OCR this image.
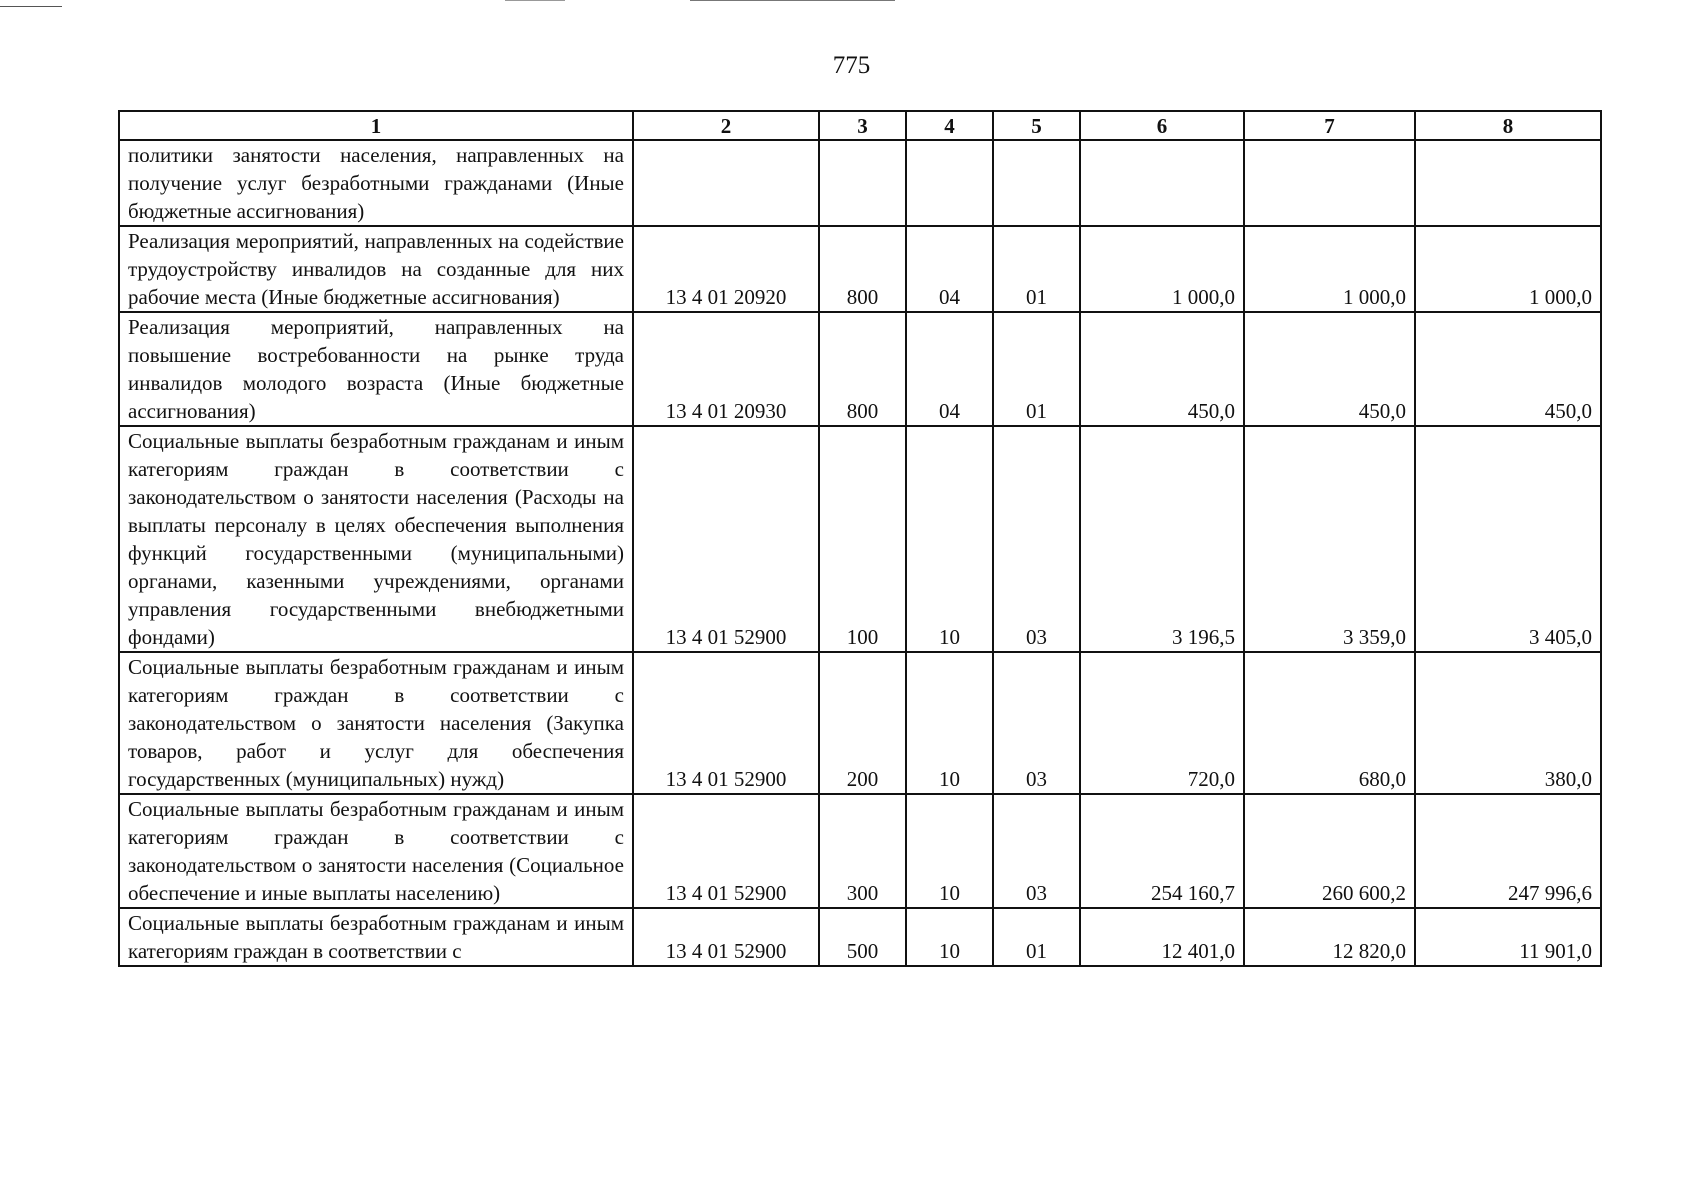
775
1	2	3	4	5	6	7	8
политики занятости населения, направленных на получение услуг безработными гражданами (Иные бюджетные ассигнования)							
Реализация мероприятий, направленных на содействие трудоустройству инвалидов на созданные для них рабочие места (Иные бюджетные ассигнования)	13 4 01 20920	800	04	01	1 000,0	1 000,0	1 000,0
Реализация мероприятий, направленных на повышение востребованности на рынке труда инвалидов молодого возраста (Иные бюджетные ассигнования)	13 4 01 20930	800	04	01	450,0	450,0	450,0
Социальные выплаты безработным гражданам и иным категориям граждан в соответствии с законодательством о занятости населения (Расходы на выплаты персоналу в целях обеспечения выполнения функций государственными (муниципальными) органами, казенными учреждениями, органами управления государственными внебюджетными фондами)	13 4 01 52900	100	10	03	3 196,5	3 359,0	3 405,0
Социальные выплаты безработным гражданам и иным категориям граждан в соответствии с законодательством о занятости населения (Закупка товаров, работ и услуг для обеспечения государственных (муниципальных) нужд)	13 4 01 52900	200	10	03	720,0	680,0	380,0
Социальные выплаты безработным гражданам и иным категориям граждан в соответствии с законодательством о занятости населения (Социальное обеспечение и иные выплаты населению)	13 4 01 52900	300	10	03	254 160,7	260 600,2	247 996,6
Социальные выплаты безработным гражданам и иным категориям граждан в соответствии с	13 4 01 52900	500	10	01	12 401,0	12 820,0	11 901,0
